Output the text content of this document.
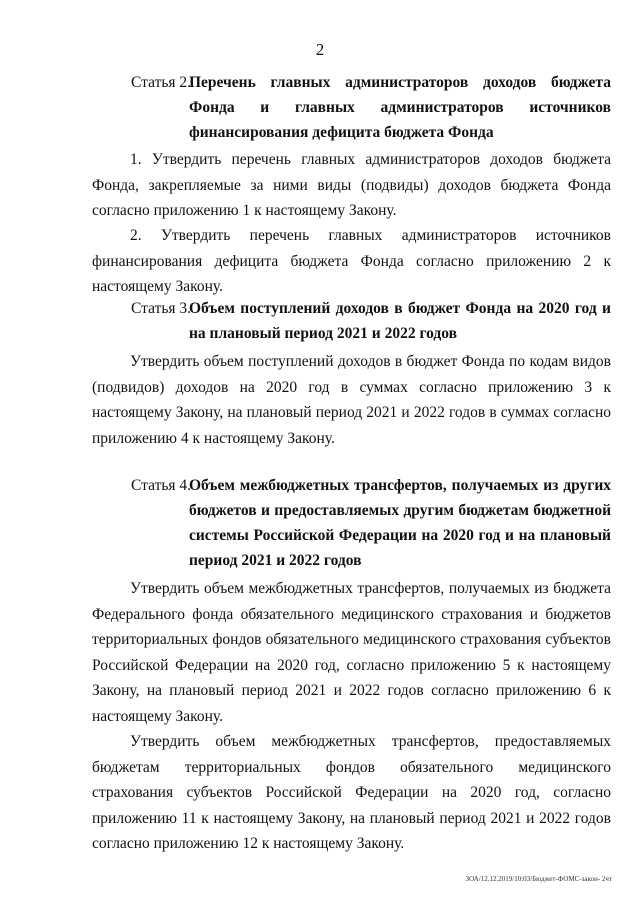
2
Статья 2.
Перечень главных администраторов доходов бюджета Фонда и главных администраторов источников финансирования дефицита бюджета Фонда
1. Утвердить перечень главных администраторов доходов бюджета Фонда, закрепляемые за ними виды (подвиды) доходов бюджета Фонда согласно приложению 1 к настоящему Закону.
2. Утвердить перечень главных администраторов источников финансирования дефицита бюджета Фонда согласно приложению 2 к настоящему Закону.
Статья 3.
Объем поступлений доходов в бюджет Фонда на 2020 год и на плановый период 2021 и 2022 годов
Утвердить объем поступлений доходов в бюджет Фонда по кодам видов (подвидов) доходов на 2020 год в суммах согласно приложению 3 к настоящему Закону, на плановый период 2021 и 2022 годов в суммах согласно приложению 4 к настоящему Закону.
Статья 4.
Объем межбюджетных трансфертов, получаемых из других бюджетов и предоставляемых другим бюджетам бюджетной системы Российской Федерации на 2020 год и на плановый период 2021 и 2022 годов
Утвердить объем межбюджетных трансфертов, получаемых из бюджета Федерального фонда обязательного медицинского страхования и бюджетов территориальных фондов обязательного медицинского страхования субъектов Российской Федерации на 2020 год, согласно приложению 5 к настоящему Закону, на плановый период 2021 и 2022 годов согласно приложению 6 к настоящему Закону.
Утвердить объем межбюджетных трансфертов, предоставляемых бюджетам территориальных фондов обязательного медицинского страхования субъектов Российской Федерации на 2020 год, согласно приложению 11 к настоящему Закону, на плановый период 2021 и 2022 годов согласно приложению 12 к настоящему Закону.
ЗОА/12.12.2019/10:03/Бюджет-ФОМС-закон- 2чт
